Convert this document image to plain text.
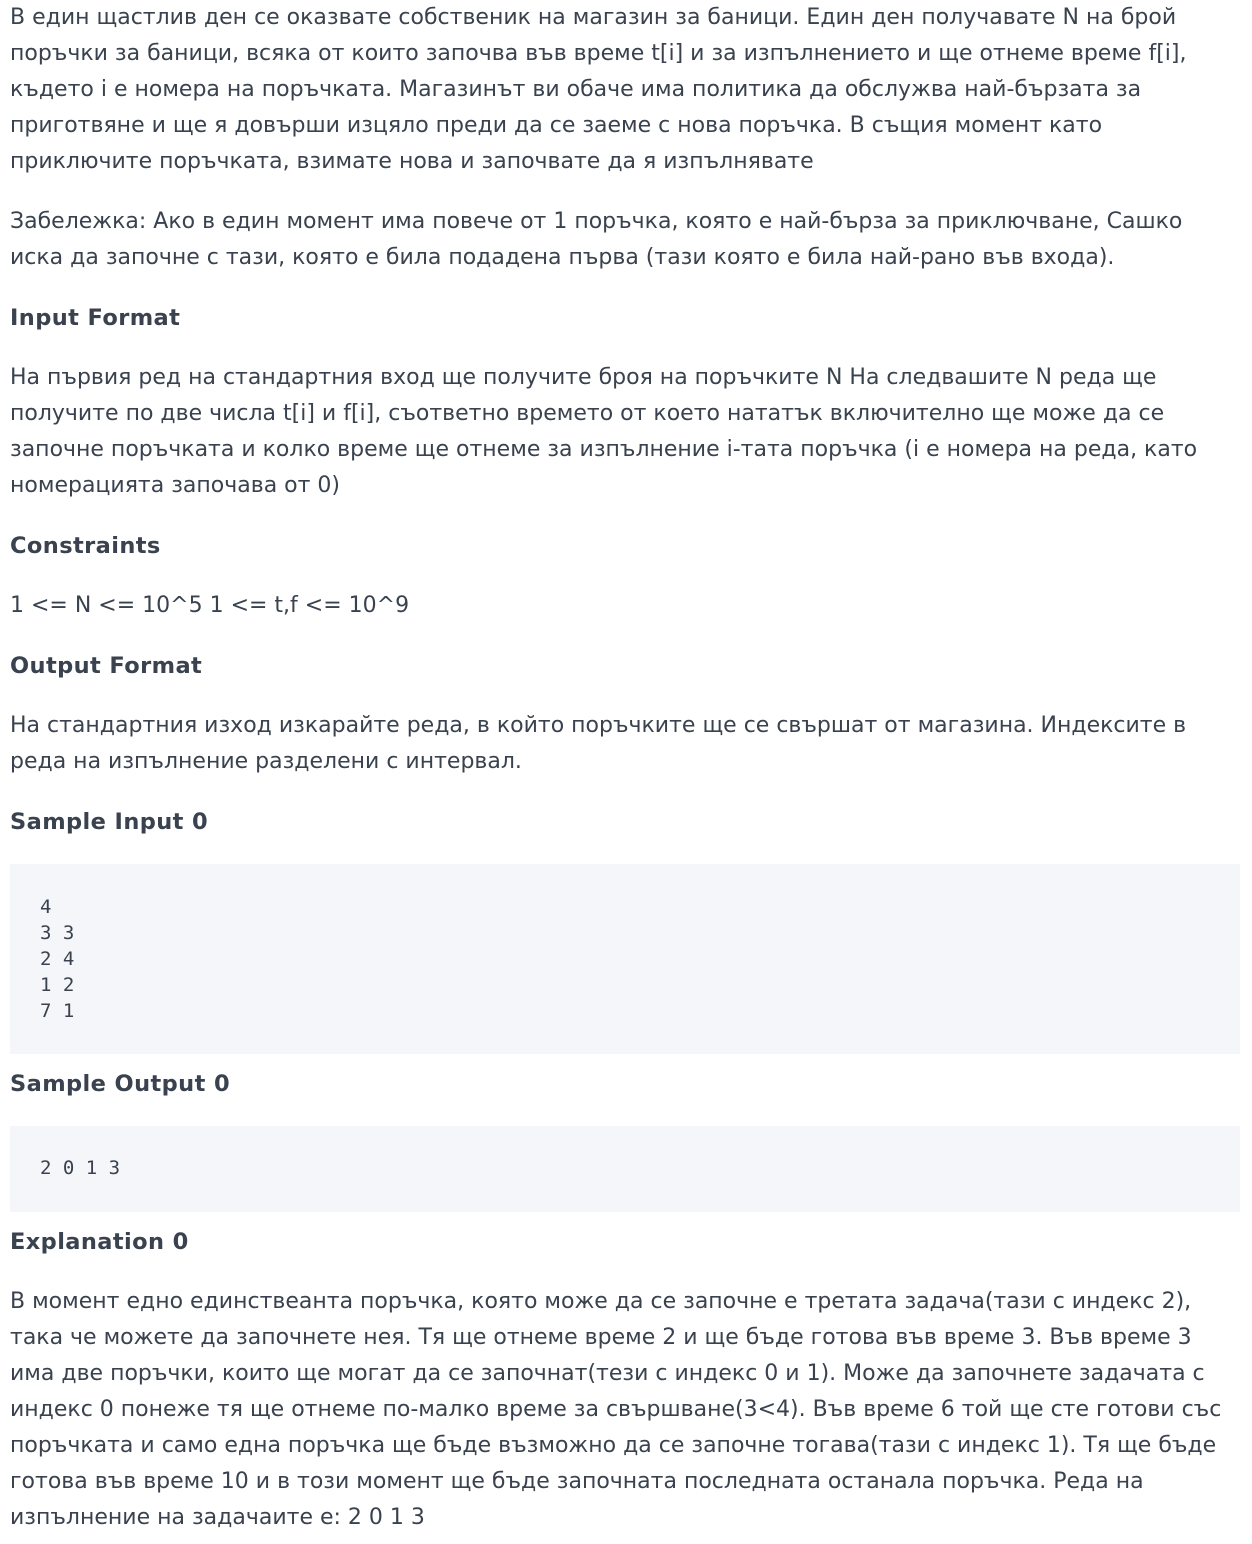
В един щастлив ден се оказвате собственик на магазин за баници. Един ден получавате N на брой поръчки за баници, всяка от които започва във време t[i] и за изпълнението и ще отнеме време f[i], където i е номера на поръчката. Магазинът ви обаче има политика да обслужва най-бързата за приготвяне и ще я довърши изцяло преди да се заеме с нова поръчка. В същия момент като приключите поръчката, взимате нова и започвате да я изпълнявате

Забележка: Ако в един момент има повече от 1 поръчка, която е най-бърза за приключване, Сашко иска да започне с тази, която е била подадена първа (тази която е била най-рано във входа).

Input Format

На първия ред на стандартния вход ще получите броя на поръчките N На следвашите N реда ще получите по две числа t[i] и f[i], съответно времето от което нататък включително ще може да се започне поръчката и колко време ще отнеме за изпълнение i-тата поръчка (i е номера на реда, като номерацията започава от 0)

Constraints

1 <= N <= 10^5 1 <= t,f <= 10^9

Output Format

На стандартния изход изкарайте реда, в който поръчките ще се свършат от магазина. Индексите в реда на изпълнение разделени с интервал.

Sample Input 0
4
3 3
2 4
1 2
7 1
Sample Output 0
2 0 1 3
Explanation 0

В момент едно единствеанта поръчка, която може да се започне е третата задача(тази с индекс 2), така че можете да започнете нея. Тя ще отнеме време 2 и ще бъде готова във време 3. Във време 3 има две поръчки, които ще могат да се започнат(тези с индекс 0 и 1). Може да започнете задачата с индекс 0 понеже тя ще отнеме по-малко време за свършване(3<4). Във време 6 той ще сте готови със поръчката и само една поръчка ще бъде възможно да се започне тогава(тази с индекс 1). Тя ще бъде готова във време 10 и в този момент ще бъде започната последната останала поръчка. Реда на изпълнение на задачаите е: 2 0 1 3
